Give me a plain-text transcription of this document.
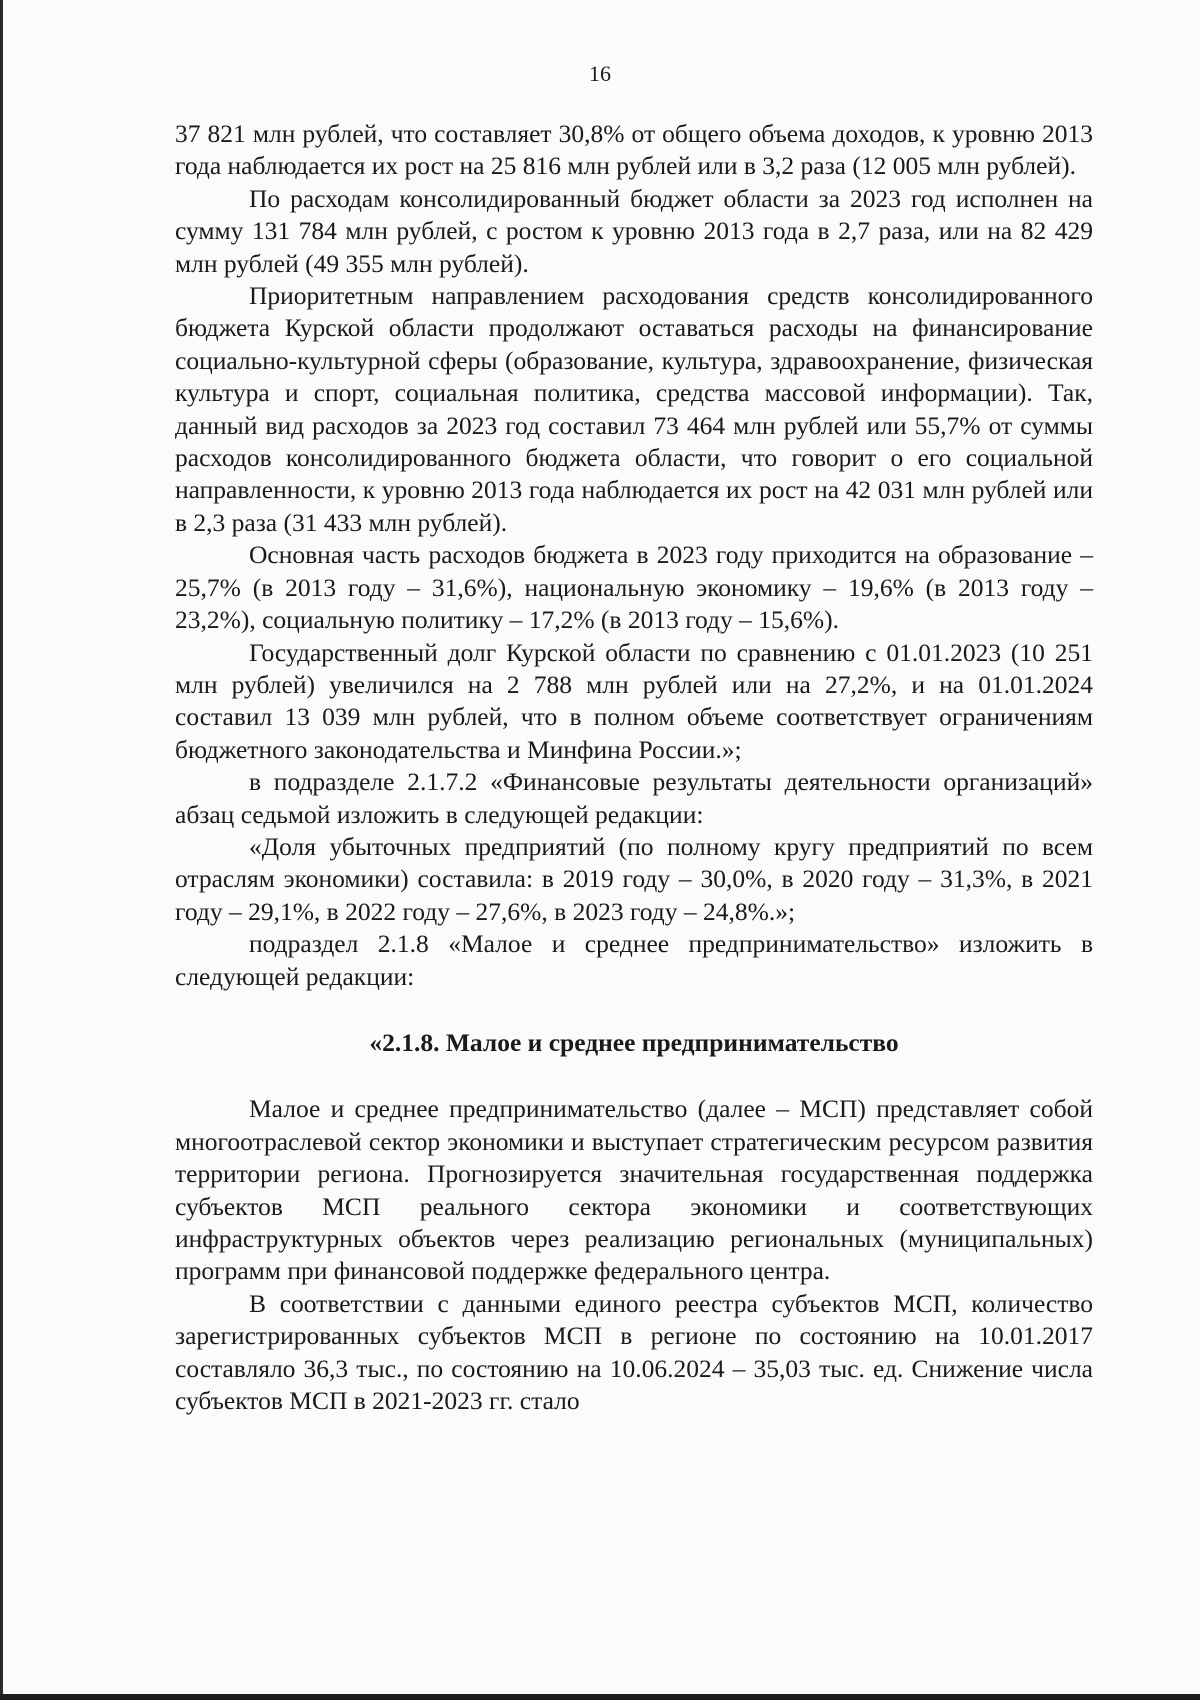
16

37 821 млн рублей, что составляет 30,8% от общего объема доходов, к уровню 2013 года наблюдается их рост на 25 816 млн рублей или в 3,2 раза (12 005 млн рублей).

По расходам консолидированный бюджет области за 2023 год исполнен на сумму 131 784 млн рублей, с ростом к уровню 2013 года в 2,7 раза, или на 82 429 млн рублей (49 355 млн рублей).

Приоритетным направлением расходования средств консолидированного бюджета Курской области продолжают оставаться расходы на финансирование социально-культурной сферы (образование, культура, здравоохранение, физическая культура и спорт, социальная политика, средства массовой информации). Так, данный вид расходов за 2023 год составил 73 464 млн рублей или 55,7% от суммы расходов консолидированного бюджета области, что говорит о его социальной направленности, к уровню 2013 года наблюдается их рост на 42 031 млн рублей или в 2,3 раза (31 433 млн рублей).

Основная часть расходов бюджета в 2023 году приходится на образование – 25,7% (в 2013 году – 31,6%), национальную экономику – 19,6% (в 2013 году – 23,2%), социальную политику – 17,2% (в 2013 году – 15,6%).

Государственный долг Курской области по сравнению с 01.01.2023 (10 251 млн рублей) увеличился на 2 788 млн рублей или на 27,2%, и на 01.01.2024 составил 13 039 млн рублей, что в полном объеме соответствует ограничениям бюджетного законодательства и Минфина России.»;

в подразделе 2.1.7.2 «Финансовые результаты деятельности организаций» абзац седьмой изложить в следующей редакции:

«Доля убыточных предприятий (по полному кругу предприятий по всем отраслям экономики) составила: в 2019 году – 30,0%, в 2020 году – 31,3%, в 2021 году – 29,1%, в 2022 году – 27,6%, в 2023 году – 24,8%.»;

подраздел 2.1.8 «Малое и среднее предпринимательство» изложить в следующей редакции:

«2.1.8. Малое и среднее предпринимательство

Малое и среднее предпринимательство (далее – МСП) представляет собой многоотраслевой сектор экономики и выступает стратегическим ресурсом развития территории региона. Прогнозируется значительная государственная поддержка субъектов МСП реального сектора экономики и соответствующих инфраструктурных объектов через реализацию региональных (муниципальных) программ при финансовой поддержке федерального центра.

В соответствии с данными единого реестра субъектов МСП, количество зарегистрированных субъектов МСП в регионе по состоянию на 10.01.2017 составляло 36,3 тыс., по состоянию на 10.06.2024 – 35,03 тыс. ед. Снижение числа субъектов МСП в 2021-2023 гг. стало
